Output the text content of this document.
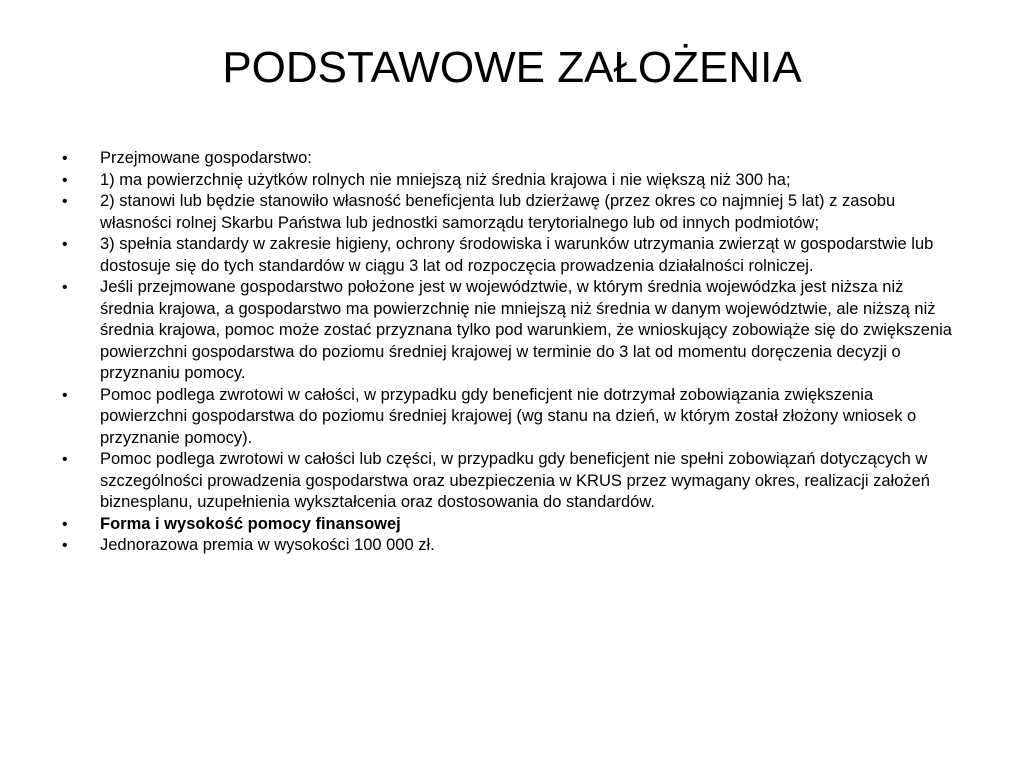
PODSTAWOWE ZAŁOŻENIA
•	Przejmowane gospodarstwo:
•	1) ma powierzchnię użytków rolnych nie mniejszą niż średnia krajowa i nie większą niż 300 ha;
•	2) stanowi lub będzie stanowiło własność beneficjenta lub dzierżawę (przez okres co najmniej 5 lat) z zasobu własności rolnej Skarbu Państwa lub jednostki samorządu terytorialnego lub od innych podmiotów;
•	3) spełnia standardy w zakresie higieny, ochrony środowiska i warunków utrzymania zwierząt w gospodarstwie lub dostosuje się do tych standardów w ciągu 3 lat od rozpoczęcia prowadzenia działalności rolniczej.
•	Jeśli przejmowane gospodarstwo położone jest w województwie, w którym średnia wojewódzka jest niższa niż średnia krajowa, a gospodarstwo ma powierzchnię nie mniejszą niż średnia w danym województwie, ale niższą niż średnia krajowa, pomoc może zostać przyznana tylko pod warunkiem, że wnioskujący zobowiąże się do zwiększenia powierzchni gospodarstwa do poziomu średniej krajowej w terminie do 3 lat od momentu doręczenia decyzji o przyznaniu pomocy.
•	Pomoc podlega zwrotowi w całości, w przypadku gdy beneficjent nie dotrzymał zobowiązania zwiększenia powierzchni gospodarstwa do poziomu średniej krajowej (wg stanu na dzień, w którym został złożony wniosek o przyznanie pomocy).
•	Pomoc podlega zwrotowi w całości lub części, w przypadku gdy beneficjent nie spełni zobowiązań dotyczących w szczególności prowadzenia gospodarstwa oraz ubezpieczenia w KRUS przez wymagany okres, realizacji założeń biznesplanu, uzupełnienia wykształcenia oraz dostosowania do standardów.
•	Forma i wysokość pomocy finansowej
•	Jednorazowa premia w wysokości 100 000 zł.
